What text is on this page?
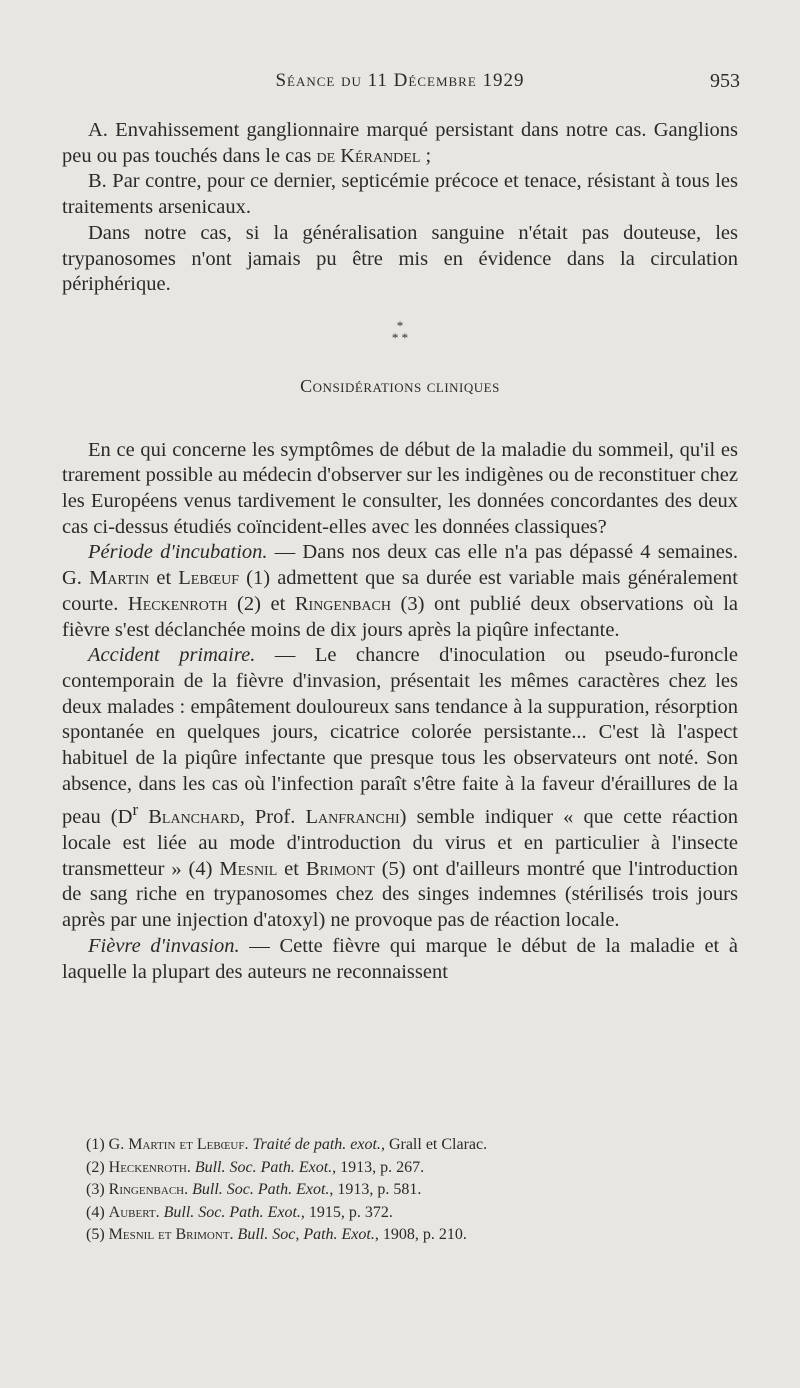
Séance du 11 Décembre 1929	953

A. Envahissement ganglionnaire marqué persistant dans notre cas. Ganglions peu ou pas touchés dans le cas de Kérandel ;

B. Par contre, pour ce dernier, septicémie précoce et tenace, résistant à tous les traitements arsenicaux.

Dans notre cas, si la généralisation sanguine n'était pas douteuse, les trypanosomes n'ont jamais pu être mis en évidence dans la circulation périphérique.

*
* *
Considérations cliniques

En ce qui concerne les symptômes de début de la maladie du sommeil, qu'il es trarement possible au médecin d'observer sur les indigènes ou de reconstituer chez les Européens venus tardivement le consulter, les données concordantes des deux cas ci-dessus étudiés coïncident-elles avec les données classiques?

Période d'incubation. — Dans nos deux cas elle n'a pas dépassé 4 semaines. G. Martin et Lebœuf (1) admettent que sa durée est variable mais généralement courte. Heckenroth (2) et Ringenbach (3) ont publié deux observations où la fièvre s'est déclanchée moins de dix jours après la piqûre infectante.

Accident primaire. — Le chancre d'inoculation ou pseudo-furoncle contemporain de la fièvre d'invasion, présentait les mêmes caractères chez les deux malades : empâtement douloureux sans tendance à la suppuration, résorption spontanée en quelques jours, cicatrice colorée persistante... C'est là l'aspect habituel de la piqûre infectante que presque tous les observateurs ont noté. Son absence, dans les cas où l'infection paraît s'être faite à la faveur d'éraillures de la peau ($D^r$ Blanchard, Prof. Lanfranchi) semble indiquer « que cette réaction locale est liée au mode d'introduction du virus et en particulier à l'insecte transmetteur » (4) Mesnil et Brimont (5) ont d'ailleurs montré que l'introduction de sang riche en trypanosomes chez des singes indemnes (stérilisés trois jours après par une injection d'atoxyl) ne provoque pas de réaction locale.

Fièvre d'invasion. — Cette fièvre qui marque le début de la maladie et à laquelle la plupart des auteurs ne reconnaissent

(1) G. Martin et Lebœuf. Traité de path. exot., Grall et Clarac.
(2) Heckenroth. Bull. Soc. Path. Exot., 1913, p. 267.
(3) Ringenbach. Bull. Soc. Path. Exot., 1913, p. 581.
(4) Aubert. Bull. Soc. Path. Exot., 1915, p. 372.
(5) Mesnil et Brimont. Bull. Soc, Path. Exot., 1908, p. 210.
